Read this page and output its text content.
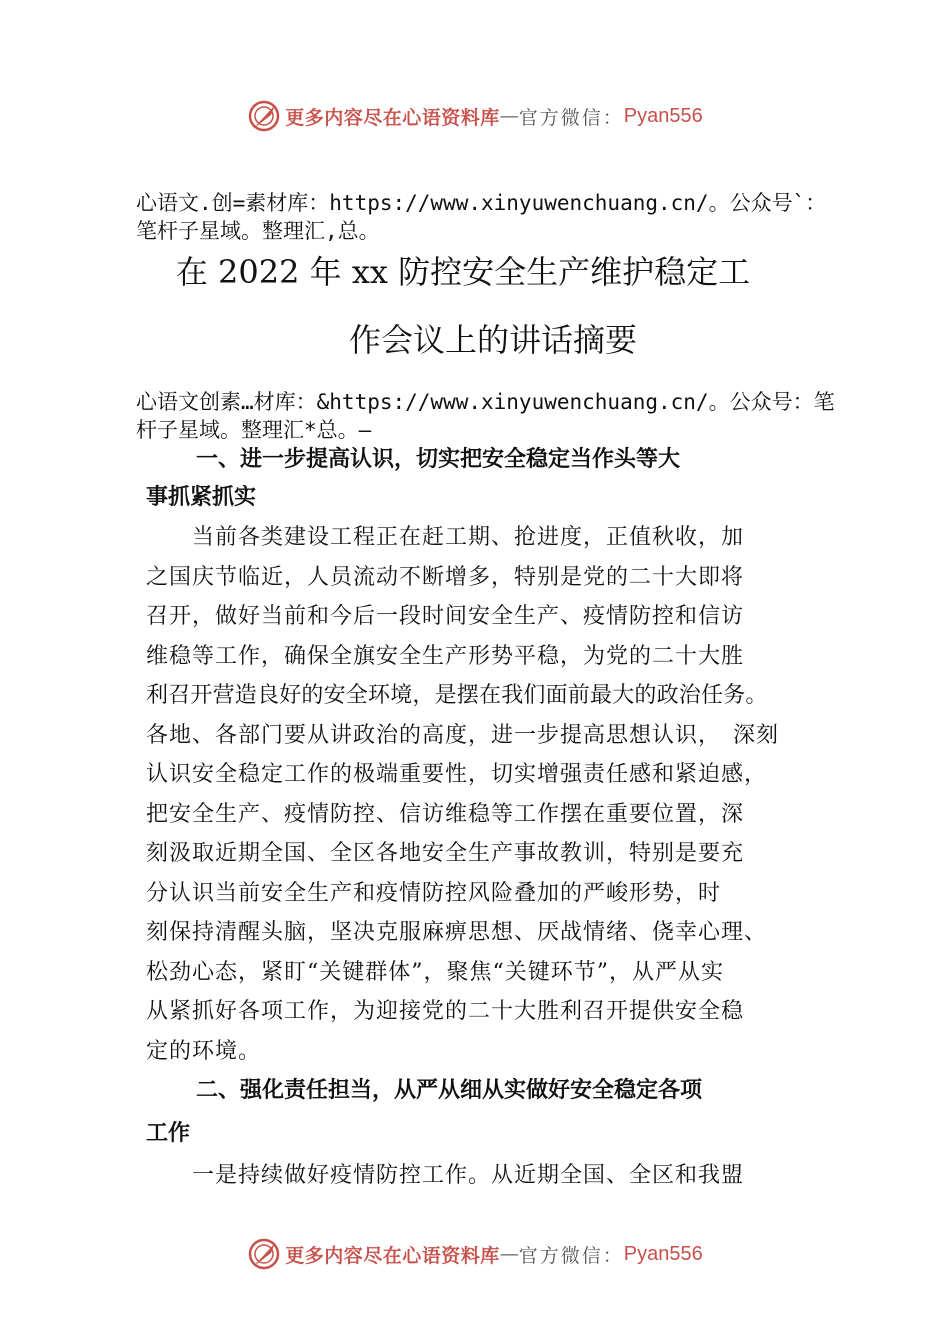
更多内容尽在心语资料库 — 官方微信： Pyan556
心语文.创=素材库：https://www.xinyuwenchuang.cn/。公众号`：笔杆子星域。整理汇,总。
在 2022 年 xx 防控安全生产维护稳定工
作会议上的讲话摘要
心语文创素…材库：&https://www.xinyuwenchuang.cn/。公众号：笔杆子星域。整理汇*总。—
一、进一步提高认识，切实把安全稳定当作头等大
事抓紧抓实
　　当前各类建设工程正在赶工期、抢进度，正值秋收，加
之国庆节临近，人员流动不断增多，特别是党的二十大即将
召开，做好当前和今后一段时间安全生产、疫情防控和信访
维稳等工作，确保全旗安全生产形势平稳，为党的二十大胜
利召开营造良好的安全环境，是摆在我们面前最大的政治任务。
各地、各部门要从讲政治的高度，进一步提高思想认识，　深刻
认识安全稳定工作的极端重要性，切实增强责任感和紧迫感，
把安全生产、疫情防控、信访维稳等工作摆在重要位置，深
刻汲取近期全国、全区各地安全生产事故教训，特别是要充
分认识当前安全生产和疫情防控风险叠加的严峻形势，时
刻保持清醒头脑，坚决克服麻痹思想、厌战情绪、侥幸心理、
松劲心态，紧盯“关键群体”，聚焦“关键环节”，从严从实
从紧抓好各项工作，为迎接党的二十大胜利召开提供安全稳
定的环境。
二、强化责任担当，从严从细从实做好安全稳定各项
工作
　　一是持续做好疫情防控工作。从近期全国、全区和我盟
更多内容尽在心语资料库 — 官方微信： Pyan556
